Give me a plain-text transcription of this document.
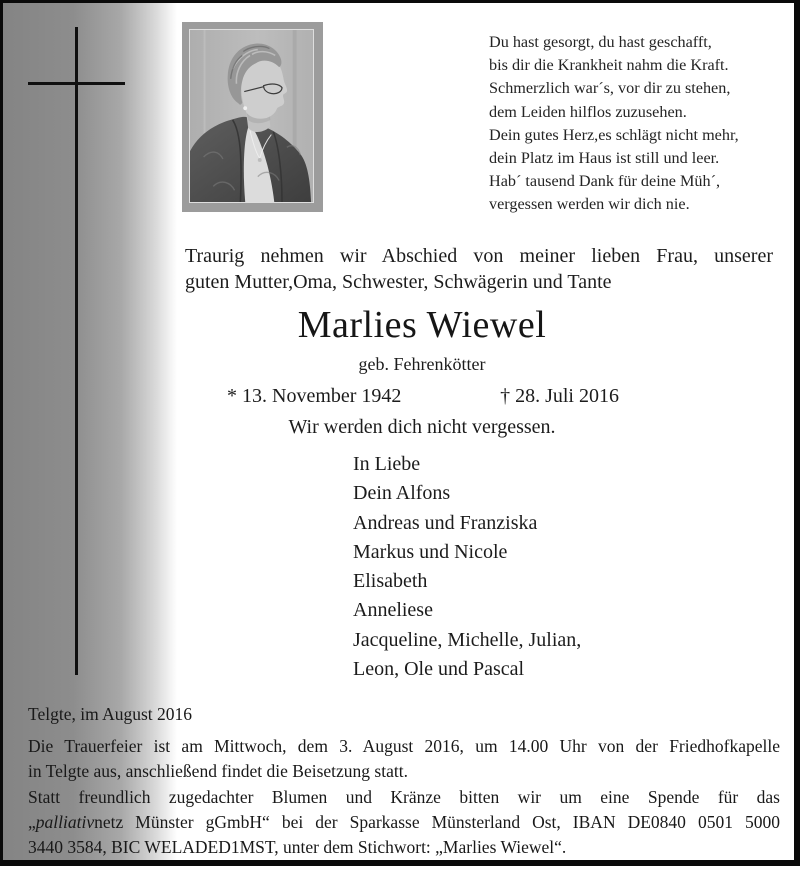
Du hast gesorgt, du hast geschafft,
bis dir die Krankheit nahm die Kraft.
Schmerzlich war´s, vor dir zu stehen,
dem Leiden hilflos zuzusehen.
Dein gutes Herz,es schlägt nicht mehr,
dein Platz im Haus ist still und leer.
Hab´ tausend Dank für deine Müh´,
vergessen werden wir dich nie.
Traurig nehmen wir Abschied von meiner lieben Frau, unserer
guten Mutter,Oma, Schwester, Schwägerin und Tante
Marlies Wiewel
geb. Fehrenkötter
* 13. November 1942	† 28. Juli 2016
Wir werden dich nicht vergessen.
In Liebe
Dein Alfons
Andreas und Franziska
Markus und Nicole
Elisabeth
Anneliese
Jacqueline, Michelle, Julian,
Leon, Ole und Pascal
Telgte, im August 2016
Die Trauerfeier ist am Mittwoch, dem 3. August 2016, um 14.00 Uhr von der Friedhofkapelle
in Telgte aus, anschließend findet die Beisetzung statt.
Statt freundlich zugedachter Blumen und Kränze bitten wir um eine Spende für das
„palliativnetz Münster gGmbH“ bei der Sparkasse Münsterland Ost, IBAN DE0840 0501 5000
3440 3584, BIC WELADED1MST, unter dem Stichwort: „Marlies Wiewel“.
